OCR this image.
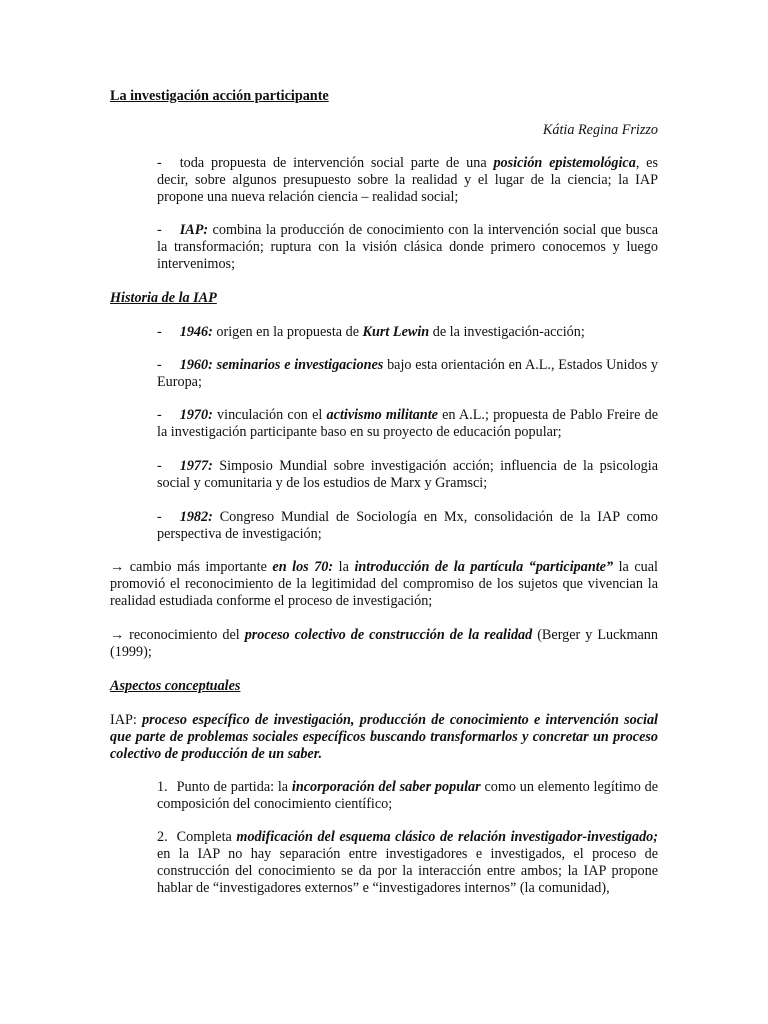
La investigación acción participante
Kátia Regina Frizzo

- toda propuesta de intervención social parte de una posición epistemológica, es decir, sobre algunos presupuesto sobre la realidad y el lugar de la ciencia; la IAP propone una nueva relación ciencia – realidad social;

- IAP: combina la producción de conocimiento con la intervención social que busca la transformación; ruptura con la visión clásica donde primero conocemos y luego intervenimos;

Historia de la IAP

- 1946: origen en la propuesta de Kurt Lewin de la investigación-acción;

- 1960: seminarios e investigaciones bajo esta orientación en A.L., Estados Unidos y Europa;

- 1970: vinculación con el activismo militante en A.L.; propuesta de Pablo Freire de la investigación participante baso en su proyecto de educación popular;

- 1977: Simposio Mundial sobre investigación acción; influencia de la psicologia social y comunitaria y de los estudios de Marx y Gramsci;

- 1982: Congreso Mundial de Sociología en Mx, consolidación de la IAP como perspectiva de investigación;

→ cambio más importante en los 70: la introducción de la partícula “participante” la cual promovió el reconocimiento de la legitimidad del compromiso de los sujetos que vivencian la realidad estudiada conforme el proceso de investigación;

→ reconocimiento del proceso colectivo de construcción de la realidad (Berger y Luckmann (1999);

Aspectos conceptuales

IAP: proceso específico de investigación, producción de conocimiento e intervención social que parte de problemas sociales específicos buscando transformarlos y concretar un proceso colectivo de producción de un saber.

1. Punto de partida: la incorporación del saber popular como un elemento legítimo de composición del conocimiento científico;

2. Completa modificación del esquema clásico de relación investigador-investigado; en la IAP no hay separación entre investigadores e investigados, el proceso de construcción del conocimiento se da por la interacción entre ambos; la IAP propone hablar de “investigadores externos” e “investigadores internos” (la comunidad),
